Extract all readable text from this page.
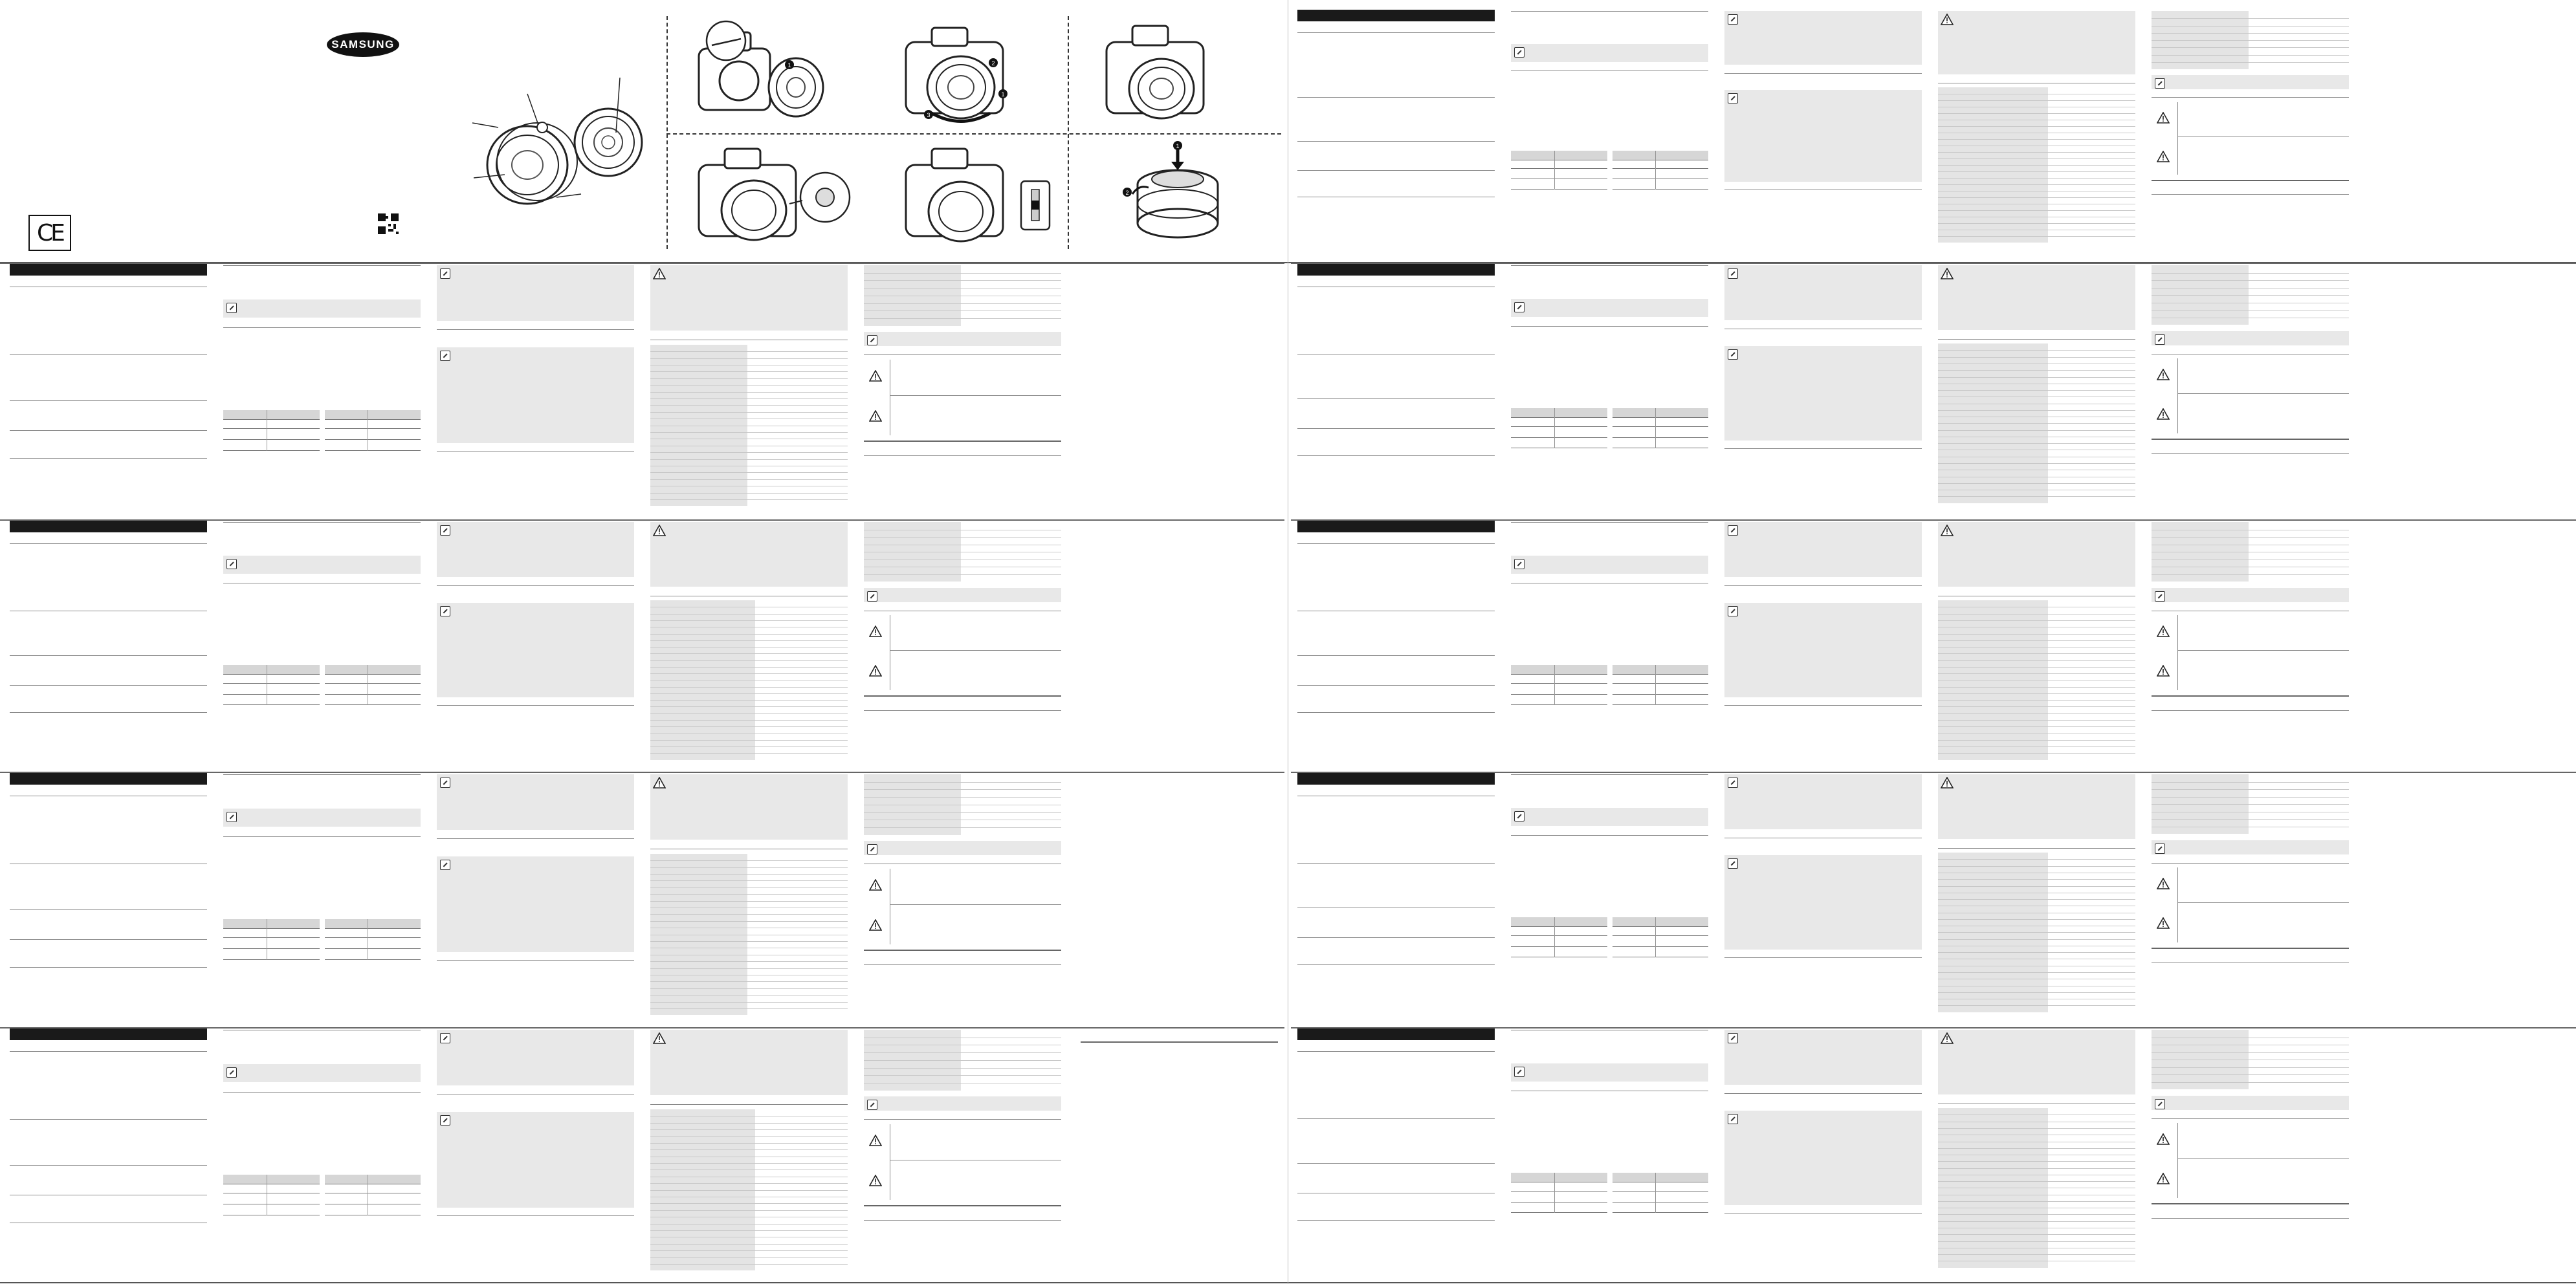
SAMSUNG
CE
1	2
1
3
1
2
